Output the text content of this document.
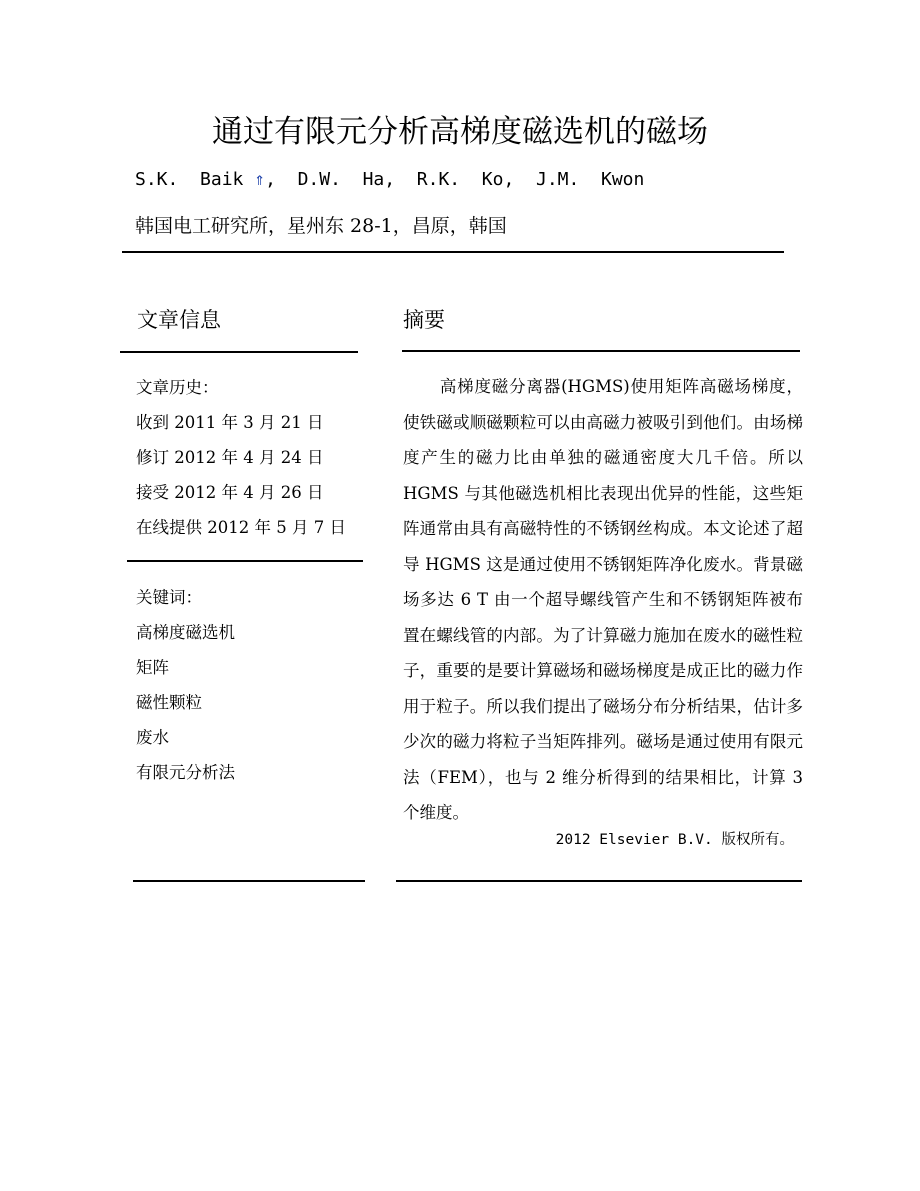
通过有限元分析高梯度磁选机的磁场
S.K.  Baik ⇑,  D.W.  Ha,  R.K.  Ko,  J.M.  Kwon
韩国电工研究所，星州东 28-1，昌原，韩国
文章信息	摘要
文章历史：
收到 2011 年 3 月 21 日
修订 2012 年 4 月 24 日
接受 2012 年 4 月 26 日
在线提供 2012 年 5 月 7 日
关键词：
高梯度磁选机
矩阵
磁性颗粒
废水
有限元分析法
高梯度磁分离器(HGMS)使用矩阵高磁场梯度，使铁磁或顺磁颗粒可以由高磁力被吸引到他们。由场梯度产生的磁力比由单独的磁通密度大几千倍。所以 HGMS 与其他磁选机相比表现出优异的性能，这些矩阵通常由具有高磁特性的不锈钢丝构成。本文论述了超导 HGMS 这是通过使用不锈钢矩阵净化废水。背景磁场多达 6 T 由一个超导螺线管产生和不锈钢矩阵被布置在螺线管的内部。为了计算磁力施加在废水的磁性粒子，重要的是要计算磁场和磁场梯度是成正比的磁力作用于粒子。所以我们提出了磁场分布分析结果，估计多少次的磁力将粒子当矩阵排列。磁场是通过使用有限元法（FEM），也与 2 维分析得到的结果相比，计算 3 个维度。
2012 Elsevier B.V. 版权所有。
